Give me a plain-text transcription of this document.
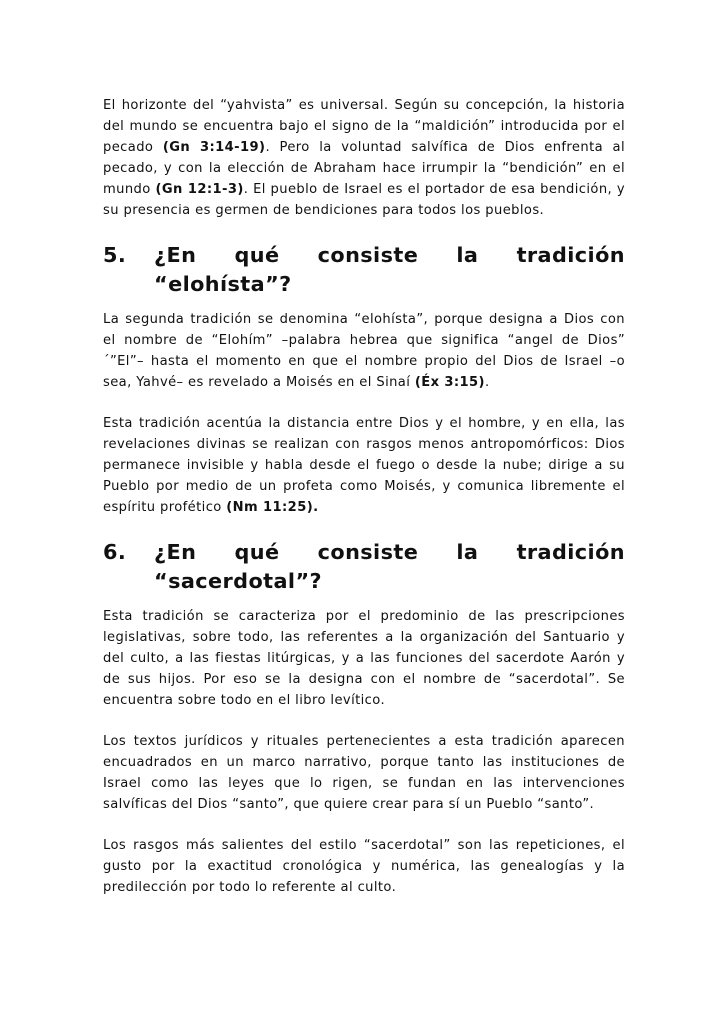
El horizonte del “yahvista” es universal. Según su concepción, la historia del mundo se encuentra bajo el signo de la “maldición” introducida por el pecado (Gn 3:14-19). Pero la voluntad salvífica de Dios enfrenta al pecado, y con la elección de Abraham hace irrumpir la “bendición” en el mundo (Gn 12:1-3). El pueblo de Israel es el portador de esa bendición, y su presencia es germen de bendiciones para todos los pueblos.

5.	¿En qué consiste la tradición
“elohísta”?

La segunda tradición se denomina “elohísta”, porque designa a Dios con el nombre de “Elohím” –palabra hebrea que significa “angel de Dios” ´”El”– hasta el momento en que el nombre propio del Dios de Israel –o sea, Yahvé– es revelado a Moisés en el Sinaí (Éx 3:15).

Esta tradición acentúa la distancia entre Dios y el hombre, y en ella, las revelaciones divinas se realizan con rasgos menos antropomórficos: Dios permanece invisible y habla desde el fuego o desde la nube; dirige a su Pueblo por medio de un profeta como Moisés, y comunica libremente el espíritu profético (Nm 11:25).

6.	¿En qué consiste la tradición
“sacerdotal”?

Esta tradición se caracteriza por el predominio de las prescripciones legislativas, sobre todo, las referentes a la organización del Santuario y del culto, a las fiestas litúrgicas, y a las funciones del sacerdote Aarón y de sus hijos. Por eso se la designa con el nombre de “sacerdotal”. Se encuentra sobre todo en el libro levítico.

Los textos jurídicos y rituales pertenecientes a esta tradición aparecen encuadrados en un marco narrativo, porque tanto las instituciones de Israel como las leyes que lo rigen, se fundan en las intervenciones salvíficas del Dios “santo”, que quiere crear para sí un Pueblo “santo”.

Los rasgos más salientes del estilo “sacerdotal” son las repeticiones, el gusto por la exactitud cronológica y numérica, las genealogías y la predilección por todo lo referente al culto.
